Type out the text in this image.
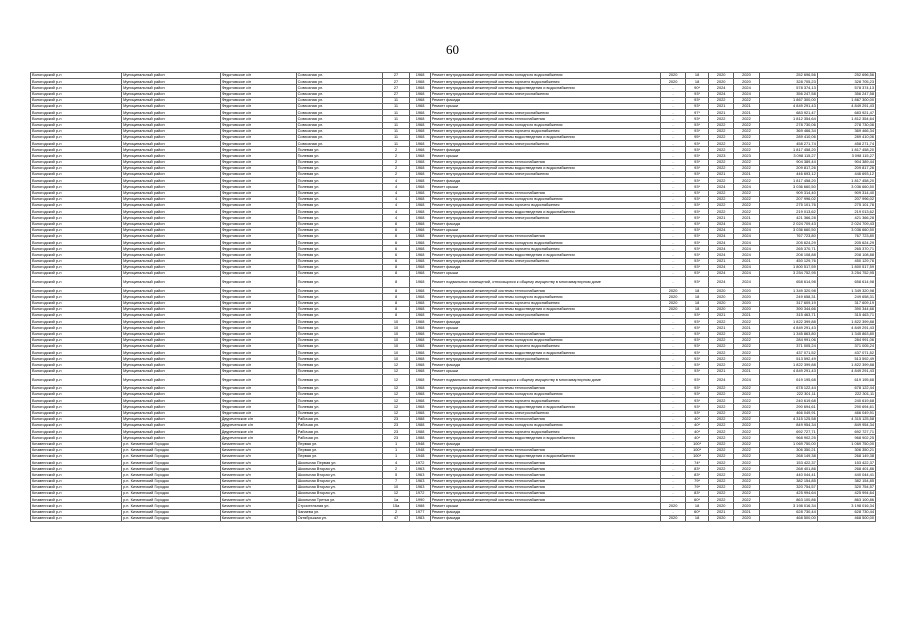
60
Вологодский р-н	Муниципальный район	Федотовское с/п	Совхозная ул.	27	1968	Ремонт внутридомовой инженерной системы холодного водоснабжения	2020	18	2020	2020	252 696,56	252 696,56
Вологодский р-н	Муниципальный район	Федотовское с/п	Совхозная ул.	27	1968	Ремонт внутридомовой инженерной системы горячего водоснабжения	2020	18	2020	2020	328 705,23	328 705,23
Вологодский р-н	Муниципальный район	Федотовское с/п	Совхозная ул.	27	1968	Ремонт внутридомовой инженерной системы водоотведения и водоснабжения	-	90*	2024	2024	578 374,13	578 374,13
Вологодский р-н	Муниципальный район	Федотовское с/п	Совхозная ул.	27	1968	Ремонт внутридомовой инженерной системы электроснабжения	-	93*	2024	2024	356 247,58	356 247,58
Вологодский р-н	Муниципальный район	Федотовское с/п	Совхозная ул.	11	1968	Ремонт фасада	-	93*	2022	2022	1 867 300,00	1 867 300,00
Вологодский р-н	Муниципальный район	Федотовское с/п	Совхозная ул.	11	1968	Ремонт крыши	-	93*	2021	2021	4 849 291,43	4 849 291,43
Вологодский р-н	Муниципальный район	Федотовское с/п	Совхозная ул.	11	1968	Ремонт внутридомовой инженерной системы электроснабжения	-	97*	2021	2021	683 921,47	683 921,47
Вологодский р-н	Муниципальный район	Федотовское с/п	Совхозная ул.	11	1968	Ремонт внутридомовой инженерной системы теплоснабжения	-	93*	2022	2022	1 812 354,64	1 812 354,64
Вологодский р-н	Муниципальный район	Федотовское с/п	Совхозная ул.	11	1968	Ремонт внутридомовой инженерной системы холодного водоснабжения	-	93*	2022	2022	278 730,06	278 730,06
Вологодский р-н	Муниципальный район	Федотовское с/п	Совхозная ул.	11	1968	Ремонт внутридомовой инженерной системы горячего водоснабжения	-	93*	2022	2022	369 466,34	369 466,34
Вологодский р-н	Муниципальный район	Федотовское с/п	Совхозная ул.	11	1968	Ремонт внутридомовой инженерной системы водоотведения и водоснабжения	-	95*	2022	2022	289 410,06	289 410,06
Вологодский р-н	Муниципальный район	Федотовское с/п	Совхозная ул.	11	1968	Ремонт внутридомовой инженерной системы электроснабжения	-	93*	2022	2022	458 271,74	458 271,74
Вологодский р-н	Муниципальный район	Федотовское с/п	Полевая ул.	2	1968	Ремонт фасада	-	93*	2022	2022	1 817 458,20	1 817 458,20
Вологодский р-н	Муниципальный район	Федотовское с/п	Полевая ул.	2	1968	Ремонт крыши	-	93*	2023	2023	3 098 115,27	3 098 115,27
Вологодский р-н	Муниципальный район	Федотовское с/п	Полевая ул.	2	1968	Ремонт внутридомовой инженерной системы теплоснабжения	-	93*	2022	2022	904 389,44	904 389,44
Вологодский р-н	Муниципальный район	Федотовское с/п	Полевая ул.	2	1968	Ремонт внутридомовой инженерной системы водоотведения и водоснабжения	-	93*	2022	2022	209 817,26	209 817,26
Вологодский р-н	Муниципальный район	Федотовское с/п	Полевая ул.	2	1968	Ремонт внутридомовой инженерной системы электроснабжения	-	93*	2021	2021	446 693,12	446 693,12
Вологодский р-н	Муниципальный район	Федотовское с/п	Полевая ул.	4	1968	Ремонт фасада	-	93*	2022	2022	1 817 458,20	1 817 458,20
Вологодский р-н	Муниципальный район	Федотовское с/п	Полевая ул.	4	1968	Ремонт крыши	-	93*	2024	2024	3 036 660,50	3 036 660,50
Вологодский р-н	Муниципальный район	Федотовское с/п	Полевая ул.	4	1968	Ремонт внутридомовой инженерной системы теплоснабжения	-	93*	2022	2022	909 314,40	909 314,40
Вологодский р-н	Муниципальный район	Федотовское с/п	Полевая ул.	4	1968	Ремонт внутридомовой инженерной системы холодного водоснабжения	-	93*	2022	2022	207 996,02	207 996,02
Вологодский р-н	Муниципальный район	Федотовское с/п	Полевая ул.	4	1968	Ремонт внутридомовой инженерной системы горячего водоснабжения	-	93*	2022	2022	275 101,76	275 101,76
Вологодский р-н	Муниципальный район	Федотовское с/п	Полевая ул.	4	1968	Ремонт внутридомовой инженерной системы водоотведения и водоснабжения	-	93*	2022	2022	219 013,62	219 013,62
Вологодский р-н	Муниципальный район	Федотовское с/п	Полевая ул.	4	1968	Ремонт внутридомовой инженерной системы электроснабжения	-	93*	2021	2021	421 366,28	421 366,28
Вологодский р-н	Муниципальный район	Федотовское с/п	Полевая ул.	6	1968	Ремонт фасада	-	93*	2024	2024	2 024 709,43	2 024 709,43
Вологодский р-н	Муниципальный район	Федотовское с/п	Полевая ул.	6	1968	Ремонт крыши	-	93*	2024	2024	3 036 660,50	3 036 660,50
Вологодский р-н	Муниципальный район	Федотовское с/п	Полевая ул.	6	1968	Ремонт внутридомовой инженерной системы теплоснабжения	-	93*	2024	2024	767 723,80	767 723,80
Вологодский р-н	Муниципальный район	Федотовское с/п	Полевая ул.	6	1968	Ремонт внутридомовой инженерной системы холодного водоснабжения	-	93*	2024	2024	205 624,29	205 624,29
Вологодский р-н	Муниципальный район	Федотовское с/п	Полевая ул.	6	1968	Ремонт внутридомовой инженерной системы горячего водоснабжения	-	93*	2024	2024	265 370,71	265 370,71
Вологодский р-н	Муниципальный район	Федотовское с/п	Полевая ул.	6	1968	Ремонт внутридомовой инженерной системы водоотведения и водоснабжения	-	93*	2024	2024	208 108,88	208 108,88
Вологодский р-н	Муниципальный район	Федотовское с/п	Полевая ул.	6	1968	Ремонт внутридомовой инженерной системы электроснабжения	-	93*	2021	2021	450 129,76	450 129,76
Вологодский р-н	Муниципальный район	Федотовское с/п	Полевая ул.	8	1968	Ремонт фасада	-	93*	2024	2024	1 800 517,59	1 800 517,59
Вологодский р-н	Муниципальный район	Федотовское с/п	Полевая ул.	8	1968	Ремонт крыши	-	93*	2024	2024	3 254 752,95	3 254 752,95
Вологодский р-н	Муниципальный район	Федотовское с/п	Полевая ул.	8	1968	Ремонт подвальных помещений, относящихся к общему имуществу в многоквартирном доме	-	93*	2024	2024	658 614,98	658 614,98
Вологодский р-н	Муниципальный район	Федотовское с/п	Полевая ул.	8	1968	Ремонт внутридомовой инженерной системы теплоснабжения	2020	18	2020	2020	1 349 320,98	1 349 320,98
Вологодский р-н	Муниципальный район	Федотовское с/п	Полевая ул.	8	1968	Ремонт внутридомовой инженерной системы холодного водоснабжения	2020	18	2020	2020	249 658,31	249 658,31
Вологодский р-н	Муниципальный район	Федотовское с/п	Полевая ул.	8	1968	Ремонт внутридомовой инженерной системы горячего водоснабжения	2020	18	2020	2020	317 609,19	317 609,19
Вологодский р-н	Муниципальный район	Федотовское с/п	Полевая ул.	8	1968	Ремонт внутридомовой инженерной системы водоотведения и водоснабжения	2020	18	2020	2020	390 344,66	390 344,66
Вологодский р-н	Муниципальный район	Федотовское с/п	Полевая ул.	8	1968	Ремонт внутридомовой инженерной системы электроснабжения	-	93*	2021	2021	315 463,71	315 463,71
Вологодский р-н	Муниципальный район	Федотовское с/п	Полевая ул.	10	1968	Ремонт фасада	-	93*	2022	2022	1 822 399,88	1 822 399,88
Вологодский р-н	Муниципальный район	Федотовское с/п	Полевая ул.	10	1968	Ремонт крыши	-	93*	2021	2021	4 849 291,43	4 849 291,43
Вологодский р-н	Муниципальный район	Федотовское с/п	Полевая ул.	10	1968	Ремонт внутридомовой инженерной системы теплоснабжения	-	93*	2022	2022	1 345 863,80	1 345 863,80
Вологодский р-н	Муниципальный район	Федотовское с/п	Полевая ул.	10	1968	Ремонт внутридомовой инженерной системы холодного водоснабжения	-	93*	2022	2022	284 991,06	284 991,06
Вологодский р-н	Муниципальный район	Федотовское с/п	Полевая ул.	10	1968	Ремонт внутридомовой инженерной системы горячего водоснабжения	-	93*	2022	2022	371 005,24	371 005,24
Вологодский р-н	Муниципальный район	Федотовское с/п	Полевая ул.	10	1968	Ремонт внутридомовой инженерной системы водоотведения и водоснабжения	-	93*	2022	2022	437 071,52	437 071,52
Вологодский р-н	Муниципальный район	Федотовское с/п	Полевая ул.	10	1968	Ремонт внутридомовой инженерной системы электроснабжения	-	93*	2022	2022	513 592,49	513 592,49
Вологодский р-н	Муниципальный район	Федотовское с/п	Полевая ул.	12	1968	Ремонт фасада	-	93*	2022	2022	1 822 399,88	1 822 399,88
Вологодский р-н	Муниципальный район	Федотовское с/п	Полевая ул.	12	1968	Ремонт крыши	-	93*	2021	2021	4 849 291,43	4 849 291,43
Вологодский р-н	Муниципальный район	Федотовское с/п	Полевая ул.	12	1968	Ремонт подвальных помещений, относящихся к общему имуществу в многоквартирном доме	-	93*	2024	2024	619 195,68	619 195,68
Вологодский р-н	Муниципальный район	Федотовское с/п	Полевая ул.	12	1968	Ремонт внутридомовой инженерной системы теплоснабжения	-	93*	2022	2022	678 122,44	678 122,44
Вологодский р-н	Муниципальный район	Федотовское с/п	Полевая ул.	12	1968	Ремонт внутридомовой инженерной системы холодного водоснабжения	-	93*	2022	2022	222 301,11	222 301,11
Вологодский р-н	Муниципальный район	Федотовское с/п	Полевая ул.	12	1968	Ремонт внутридомовой инженерной системы горячего водоснабжения	-	93*	2022	2022	240 619,68	240 619,68
Вологодский р-н	Муниципальный район	Федотовское с/п	Полевая ул.	12	1968	Ремонт внутридомовой инженерной системы водоотведения и водоснабжения	-	93*	2022	2022	290 694,61	290 694,61
Вологодский р-н	Муниципальный район	Федотовское с/п	Полевая ул.	12	1968	Ремонт внутридомовой инженерной системы электроснабжения	-	93*	2022	2022	466 049,91	466 049,91
Вологодский р-н	Муниципальный район	Двуреченское с/п	Рабочая ул.	23	1988	Ремонт внутридомовой инженерной системы теплоснабжения	-	40*	2022	2022	4 315 125,58	4 315 125,58
Вологодский р-н	Муниципальный район	Двуреченское с/п	Рабочая ул.	23	1988	Ремонт внутридомовой инженерной системы холодного водоснабжения	-	40*	2022	2022	849 954,34	849 954,34
Вологодский р-н	Муниципальный район	Двуреченское с/п	Рабочая ул.	23	1988	Ремонт внутридомовой инженерной системы горячего водоснабжения	-	40*	2022	2022	692 727,71	692 727,71
Вологодский р-н	Муниципальный район	Двуреченское с/п	Рабочая ул.	23	1988	Ремонт внутридомовой инженерной системы водоотведения и водоснабжения	-	40*	2022	2022	968 902,25	968 902,25
Кичменгский р-н	р.п. Кичменгский Городок	Кичменгское с/п	Первая ул.	1	1948	Ремонт фасада	-	100*	2022	2022	1 069 750,00	1 069 750,00
Кичменгский р-н	р.п. Кичменгский Городок	Кичменгское с/п	Первая ул.	1	1948	Ремонт внутридомовой инженерной системы теплоснабжения	-	100*	2022	2022	306 350,21	306 350,21
Кичменгский р-н	р.п. Кичменгский Городок	Кичменгское с/п	Первая ул.	1	1948	Ремонт внутридомовой инженерной системы водоотведения и водоснабжения	-	100*	2022	2022	268 149,38	268 149,38
Кичменгский р-н	р.п. Кичменгский Городок	Кичменгское с/п	Школьная Первая ул.	4	1972	Ремонт внутридомовой инженерной системы теплоснабжения	-	74*	2022	2022	153 422,37	153 422,37
Кичменгский р-н	р.п. Кичменгский Городок	Кичменгское с/п	Школьная Вторая ул.	2	1963	Ремонт внутридомовой инженерной системы теплоснабжения	-	83*	2022	2022	268 401,86	268 401,86
Кичменгский р-н	р.п. Кичменгский Городок	Кичменгское с/п	Школьная Вторая ул.	5	1963	Ремонт внутридомовой инженерной системы теплоснабжения	-	83*	2022	2022	440 044,41	440 044,41
Кичменгский р-н	р.п. Кичменгский Городок	Кичменгское с/п	Школьная Вторая ул.	7	1963	Ремонт внутридомовой инженерной системы теплоснабжения	-	79*	2022	2022	382 154,85	382 154,85
Кичменгский р-н	р.п. Кичменгский Городок	Кичменгское с/п	Школьная Вторая ул.	10	1963	Ремонт внутридомовой инженерной системы теплоснабжения	-	79*	2022	2022	320 754,57	320 754,57
Кичменгский р-н	р.п. Кичменгский Городок	Кичменгское с/п	Школьная Вторая ул.	12	1972	Ремонт внутридомовой инженерной системы теплоснабжения	-	83*	2022	2022	425 994,64	425 994,64
Кичменгский р-н	р.п. Кичменгский Городок	Кичменгское с/п	Школьная Третья ул.	1а	1990	Ремонт внутридомовой инженерной системы теплоснабжения	-	60*	2022	2022	863 100,86	863 100,86
Кичменгский р-н	р.п. Кичменгский Городок	Кичменгское с/п	Строительная ул.	15а	1988	Ремонт крыши	2020	18	2020	2020	3 198 016,34	3 198 016,34
Кичменгский р-н	р.п. Кичменгский Городок	Кичменгское с/п	Чапаева ул.	2	1977	Ремонт фасада	-	60*	2021	2021	628 730,44	628 730,44
Кичменгский р-н	р.п. Кичменгский Городок	Кичменгское с/п	Октябрьская ул.	47	1983	Ремонт фасада	2020	18	2020	2020	468 500,00	468 500,00
